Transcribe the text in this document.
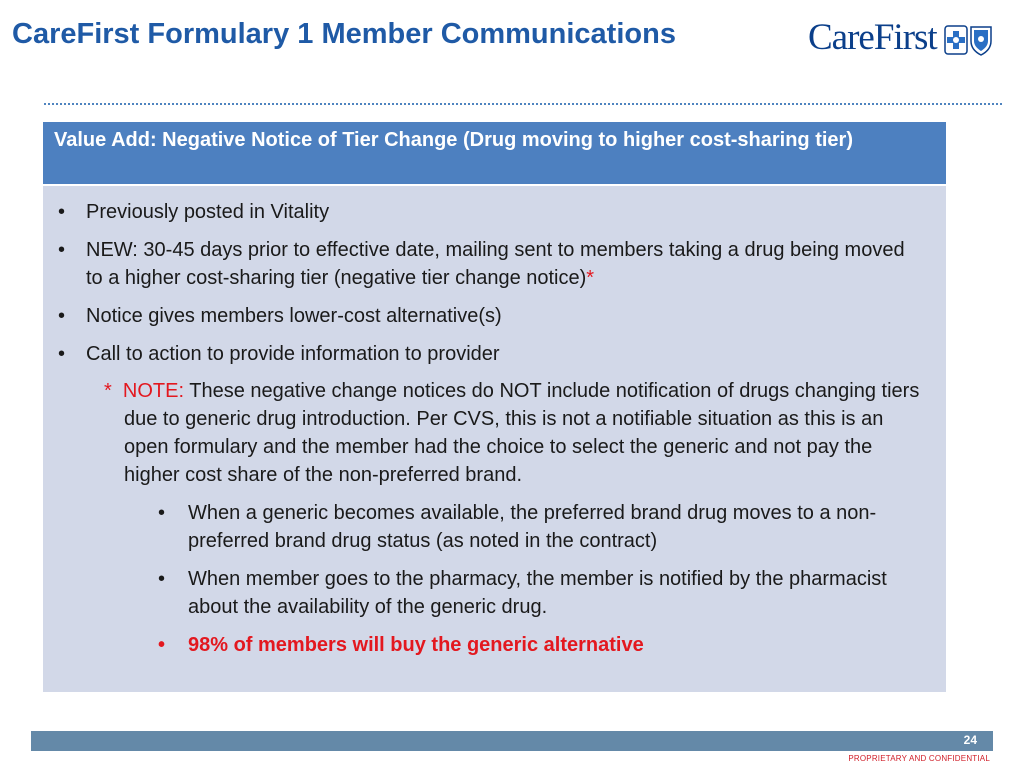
CareFirst Formulary 1 Member Communications	CareFirst
Value Add: Negative Notice of Tier Change (Drug moving to higher cost-sharing tier)
• Previously posted in Vitality
• NEW: 30-45 days prior to effective date, mailing sent to members taking a drug being moved to a higher cost-sharing tier (negative tier change notice)*
• Notice gives members lower-cost alternative(s)
• Call to action to provide information to provider
* NOTE: These negative change notices do NOT include notification of drugs changing tiers due to generic drug introduction. Per CVS, this is not a notifiable situation as this is an open formulary and the member had the choice to select the generic and not pay the higher cost share of the non-preferred brand.
• When a generic becomes available, the preferred brand drug moves to a non-preferred brand drug status (as noted in the contract)
• When member goes to the pharmacy, the member is notified by the pharmacist about the availability of the generic drug.
• 98% of members will buy the generic alternative
24
PROPRIETARY AND CONFIDENTIAL
